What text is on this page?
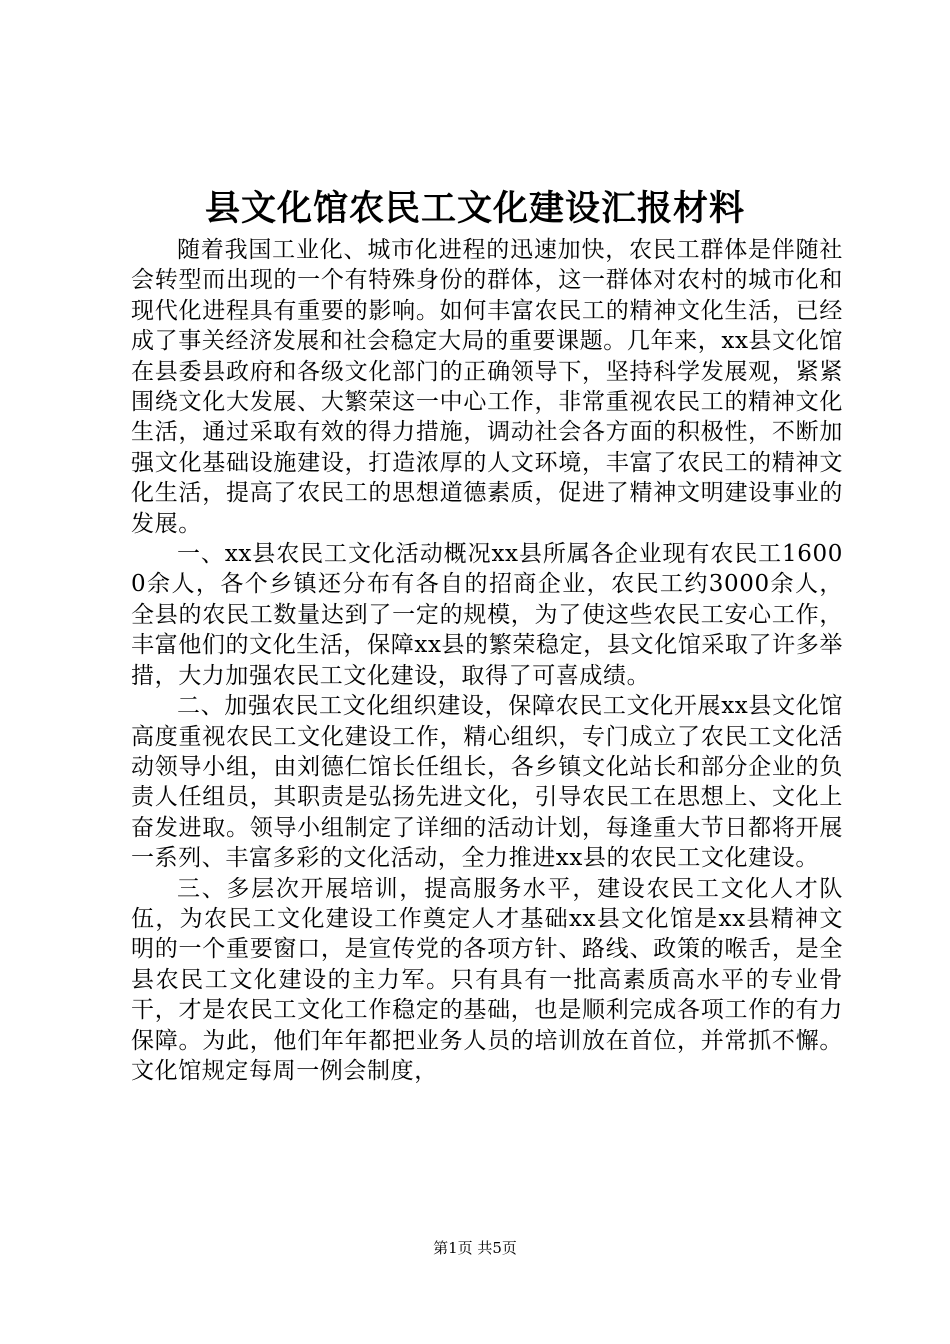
县文化馆农民工文化建设汇报材料

随着我国工业化、城市化进程的迅速加快，农民工群体是伴随社会转型而出现的一个有特殊身份的群体，这一群体对农村的城市化和现代化进程具有重要的影响。如何丰富农民工的精神文化生活，已经成了事关经济发展和社会稳定大局的重要课题。几年来，xx县文化馆在县委县政府和各级文化部门的正确领导下，坚持科学发展观，紧紧围绕文化大发展、大繁荣这一中心工作，非常重视农民工的精神文化生活，通过采取有效的得力措施，调动社会各方面的积极性，不断加强文化基础设施建设，打造浓厚的人文环境，丰富了农民工的精神文化生活，提高了农民工的思想道德素质，促进了精神文明建设事业的发展。

一、xx县农民工文化活动概况xx县所属各企业现有农民工16000余人，各个乡镇还分布有各自的招商企业，农民工约3000余人，全县的农民工数量达到了一定的规模，为了使这些农民工安心工作，丰富他们的文化生活，保障xx县的繁荣稳定，县文化馆采取了许多举措，大力加强农民工文化建设，取得了可喜成绩。

二、加强农民工文化组织建设，保障农民工文化开展xx县文化馆高度重视农民工文化建设工作，精心组织，专门成立了农民工文化活动领导小组，由刘德仁馆长任组长，各乡镇文化站长和部分企业的负责人任组员，其职责是弘扬先进文化，引导农民工在思想上、文化上奋发进取。领导小组制定了详细的活动计划，每逢重大节日都将开展一系列、丰富多彩的文化活动，全力推进xx县的农民工文化建设。

三、多层次开展培训，提高服务水平，建设农民工文化人才队伍，为农民工文化建设工作奠定人才基础xx县文化馆是xx县精神文明的一个重要窗口，是宣传党的各项方针、路线、政策的喉舌，是全县农民工文化建设的主力军。只有具有一批高素质高水平的专业骨干，才是农民工文化工作稳定的基础，也是顺利完成各项工作的有力保障。为此，他们年年都把业务人员的培训放在首位，并常抓不懈。文化馆规定每周一例会制度，

第1页 共5页
